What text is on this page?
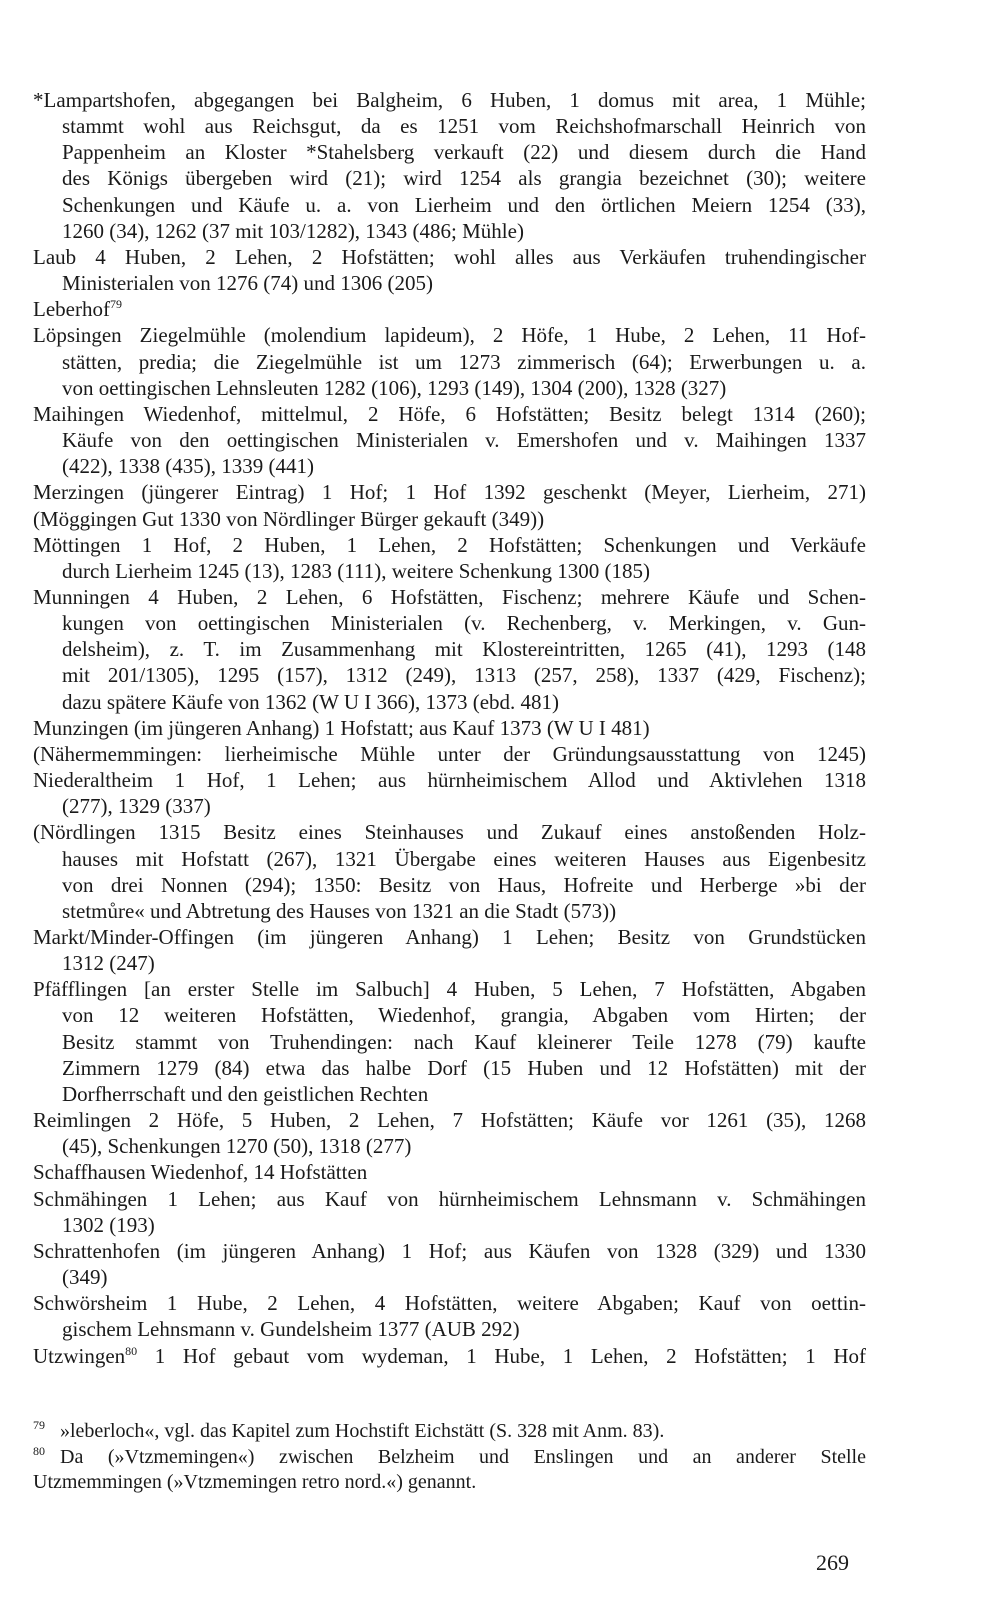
*Lampartshofen, abgegangen bei Balgheim, 6 Huben, 1 domus mit area, 1 Mühle;
stammt wohl aus Reichsgut, da es 1251 vom Reichshofmarschall Heinrich von
Pappenheim an Kloster *Stahelsberg verkauft (22) und diesem durch die Hand
des Königs übergeben wird (21); wird 1254 als grangia bezeichnet (30); weitere
Schenkungen und Käufe u. a. von Lierheim und den örtlichen Meiern 1254 (33),
1260 (34), 1262 (37 mit 103/1282), 1343 (486; Mühle)
Laub 4 Huben, 2 Lehen, 2 Hofstätten; wohl alles aus Verkäufen truhendingischer
Ministerialen von 1276 (74) und 1306 (205)
Leberhof$^{79}$
Löpsingen Ziegelmühle (molendium lapideum), 2 Höfe, 1 Hube, 2 Lehen, 11 Hof-
stätten, predia; die Ziegelmühle ist um 1273 zimmerisch (64); Erwerbungen u. a.
von oettingischen Lehnsleuten 1282 (106), 1293 (149), 1304 (200), 1328 (327)
Maihingen Wiedenhof, mittelmul, 2 Höfe, 6 Hofstätten; Besitz belegt 1314 (260);
Käufe von den oettingischen Ministerialen v. Emershofen und v. Maihingen 1337
(422), 1338 (435), 1339 (441)
Merzingen (jüngerer Eintrag) 1 Hof; 1 Hof 1392 geschenkt (Meyer, Lierheim, 271)
(Möggingen Gut 1330 von Nördlinger Bürger gekauft (349))
Möttingen 1 Hof, 2 Huben, 1 Lehen, 2 Hofstätten; Schenkungen und Verkäufe
durch Lierheim 1245 (13), 1283 (111), weitere Schenkung 1300 (185)
Munningen 4 Huben, 2 Lehen, 6 Hofstätten, Fischenz; mehrere Käufe und Schen-
kungen von oettingischen Ministerialen (v. Rechenberg, v. Merkingen, v. Gun-
delsheim), z. T. im Zusammenhang mit Klostereintritten, 1265 (41), 1293 (148
mit 201/1305), 1295 (157), 1312 (249), 1313 (257, 258), 1337 (429, Fischenz);
dazu spätere Käufe von 1362 (W U I 366), 1373 (ebd. 481)
Munzingen (im jüngeren Anhang) 1 Hofstatt; aus Kauf 1373 (W U I 481)
(Nähermemmingen: lierheimische Mühle unter der Gründungsausstattung von 1245)
Niederaltheim 1 Hof, 1 Lehen; aus hürnheimischem Allod und Aktivlehen 1318
(277), 1329 (337)
(Nördlingen 1315 Besitz eines Steinhauses und Zukauf eines anstoßenden Holz-
hauses mit Hofstatt (267), 1321 Übergabe eines weiteren Hauses aus Eigenbesitz
von drei Nonnen (294); 1350: Besitz von Haus, Hofreite und Herberge »bi der
stetmůre« und Abtretung des Hauses von 1321 an die Stadt (573))
Markt/Minder-Offingen (im jüngeren Anhang) 1 Lehen; Besitz von Grundstücken
1312 (247)
Pfäfflingen [an erster Stelle im Salbuch] 4 Huben, 5 Lehen, 7 Hofstätten, Abgaben
von 12 weiteren Hofstätten, Wiedenhof, grangia, Abgaben vom Hirten; der
Besitz stammt von Truhendingen: nach Kauf kleinerer Teile 1278 (79) kaufte
Zimmern 1279 (84) etwa das halbe Dorf (15 Huben und 12 Hofstätten) mit der
Dorfherrschaft und den geistlichen Rechten
Reimlingen 2 Höfe, 5 Huben, 2 Lehen, 7 Hofstätten; Käufe vor 1261 (35), 1268
(45), Schenkungen 1270 (50), 1318 (277)
Schaffhausen Wiedenhof, 14 Hofstätten
Schmähingen 1 Lehen; aus Kauf von hürnheimischem Lehnsmann v. Schmähingen
1302 (193)
Schrattenhofen (im jüngeren Anhang) 1 Hof; aus Käufen von 1328 (329) und 1330
(349)
Schwörsheim 1 Hube, 2 Lehen, 4 Hofstätten, weitere Abgaben; Kauf von oettin-
gischem Lehnsmann v. Gundelsheim 1377 (AUB 292)
Utzwingen$^{80}$ 1 Hof gebaut vom wydeman, 1 Hube, 1 Lehen, 2 Hofstätten; 1 Hof
79 »leberloch«, vgl. das Kapitel zum Hochstift Eichstätt (S. 328 mit Anm. 83).
80 Da (»Vtzmemingen«) zwischen Belzheim und Enslingen und an anderer Stelle
Utzmemmingen (»Vtzmemingen retro nord.«) genannt.
269
